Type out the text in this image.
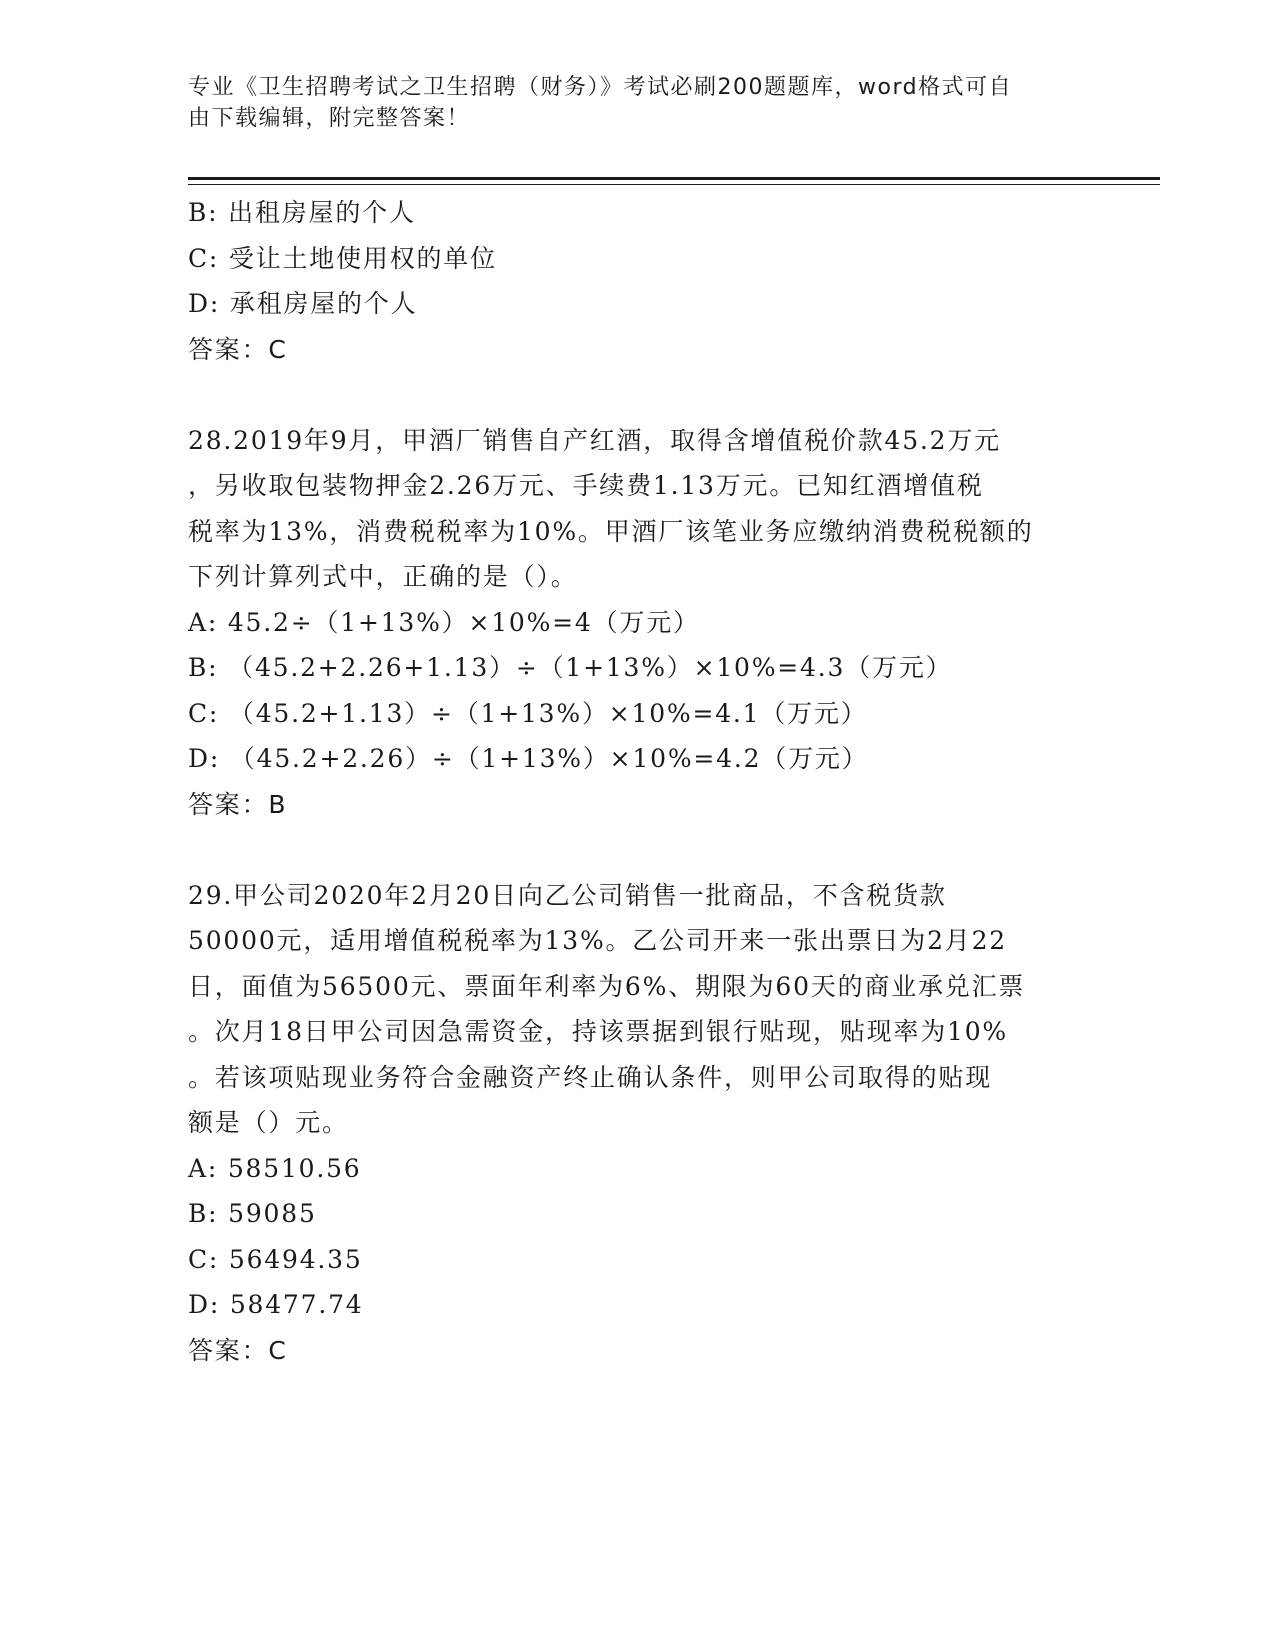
专业《卫生招聘考试之卫生招聘（财务）》考试必刷200题题库，word格式可自
由下载编辑，附完整答案！
B: 出租房屋的个人
C: 受让土地使用权的单位
D: 承租房屋的个人
答案：C
28.2019年9月，甲酒厂销售自产红酒，取得含增值税价款45.2万元
，另收取包装物押金2.26万元、手续费1.13万元。已知红酒增值税
税率为13%，消费税税率为10%。甲酒厂该笔业务应缴纳消费税税额的
下列计算列式中，正确的是（）。
A: 45.2÷（1+13%）×10%=4（万元）
B: （45.2+2.26+1.13）÷（1+13%）×10%=4.3（万元）
C: （45.2+1.13）÷（1+13%）×10%=4.1（万元）
D: （45.2+2.26）÷（1+13%）×10%=4.2（万元）
答案：B
29.甲公司2020年2月20日向乙公司销售一批商品，不含税货款
50000元，适用增值税税率为13%。乙公司开来一张出票日为2月22
日，面值为56500元、票面年利率为6%、期限为60天的商业承兑汇票
。次月18日甲公司因急需资金，持该票据到银行贴现，贴现率为10%
。若该项贴现业务符合金融资产终止确认条件，则甲公司取得的贴现
额是（）元。
A: 58510.56
B: 59085
C: 56494.35
D: 58477.74
答案：C
